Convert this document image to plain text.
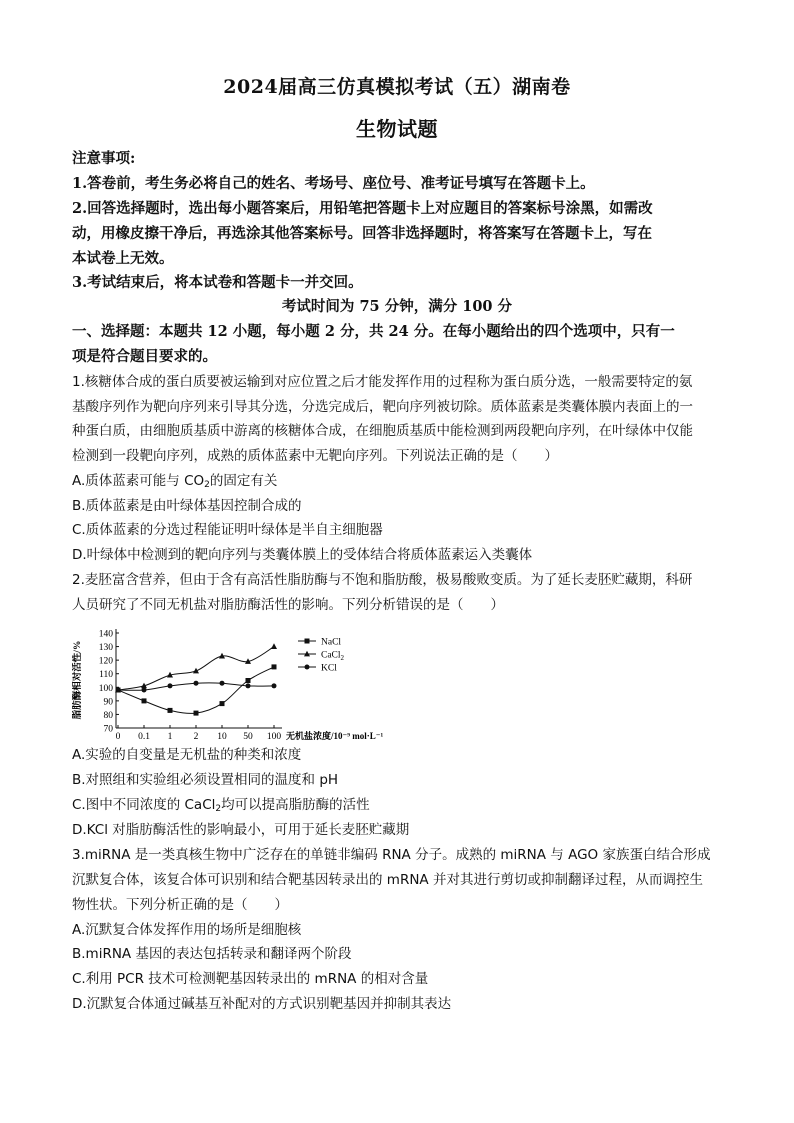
2024届高三仿真模拟考试（五）湖南卷
生物试题
注意事项:
1.答卷前，考生务必将自己的姓名、考场号、座位号、准考证号填写在答题卡上。
2.回答选择题时，选出每小题答案后，用铅笔把答题卡上对应题目的答案标号涂黑，如需改
动，用橡皮擦干净后，再选涂其他答案标号。回答非选择题时，将答案写在答题卡上，写在
本试卷上无效。
3.考试结束后，将本试卷和答题卡一并交回。
考试时间为 75 分钟，满分 100 分
一、选择题：本题共 12 小题，每小题 2 分，共 24 分。在每小题给出的四个选项中，只有一
项是符合题目要求的。
1.核糖体合成的蛋白质要被运输到对应位置之后才能发挥作用的过程称为蛋白质分选，一般需要特定的氨
基酸序列作为靶向序列来引导其分选，分选完成后，靶向序列被切除。质体蓝素是类囊体膜内表面上的一
种蛋白质，由细胞质基质中游离的核糖体合成，在细胞质基质中能检测到两段靶向序列，在叶绿体中仅能
检测到一段靶向序列，成熟的质体蓝素中无靶向序列。下列说法正确的是（　　）
A.质体蓝素可能与 $CO_2$的固定有关
B.质体蓝素是由叶绿体基因控制合成的
C.质体蓝素的分选过程能证明叶绿体是半自主细胞器
D.叶绿体中检测到的靶向序列与类囊体膜上的受体结合将质体蓝素运入类囊体
2.麦胚富含营养，但由于含有高活性脂肪酶与不饱和脂肪酸，极易酸败变质。为了延长麦胚贮藏期，科研
人员研究了不同无机盐对脂肪酶活性的影响。下列分析错误的是（　　）
脂肪酶相对活性/%
70
80
90
100
110
120
130
140
0 0.1 1 2 10 50 100 无机盐浓度/10⁻⁹ mol·L⁻¹
NaCl
CaCl$_2$
KCl
A.实验的自变量是无机盐的种类和浓度
B.对照组和实验组必须设置相同的温度和 pH
C.图中不同浓度的 CaCl$_2$均可以提高脂肪酶的活性
D.KCl 对脂肪酶活性的影响最小，可用于延长麦胚贮藏期
3.miRNA 是一类真核生物中广泛存在的单链非编码 RNA 分子。成熟的 miRNA 与 AGO 家族蛋白结合形成
沉默复合体，该复合体可识别和结合靶基因转录出的 mRNA 并对其进行剪切或抑制翻译过程，从而调控生
物性状。下列分析正确的是（　　）
A.沉默复合体发挥作用的场所是细胞核
B.miRNA 基因的表达包括转录和翻译两个阶段
C.利用 PCR 技术可检测靶基因转录出的 mRNA 的相对含量
D.沉默复合体通过碱基互补配对的方式识别靶基因并抑制其表达
